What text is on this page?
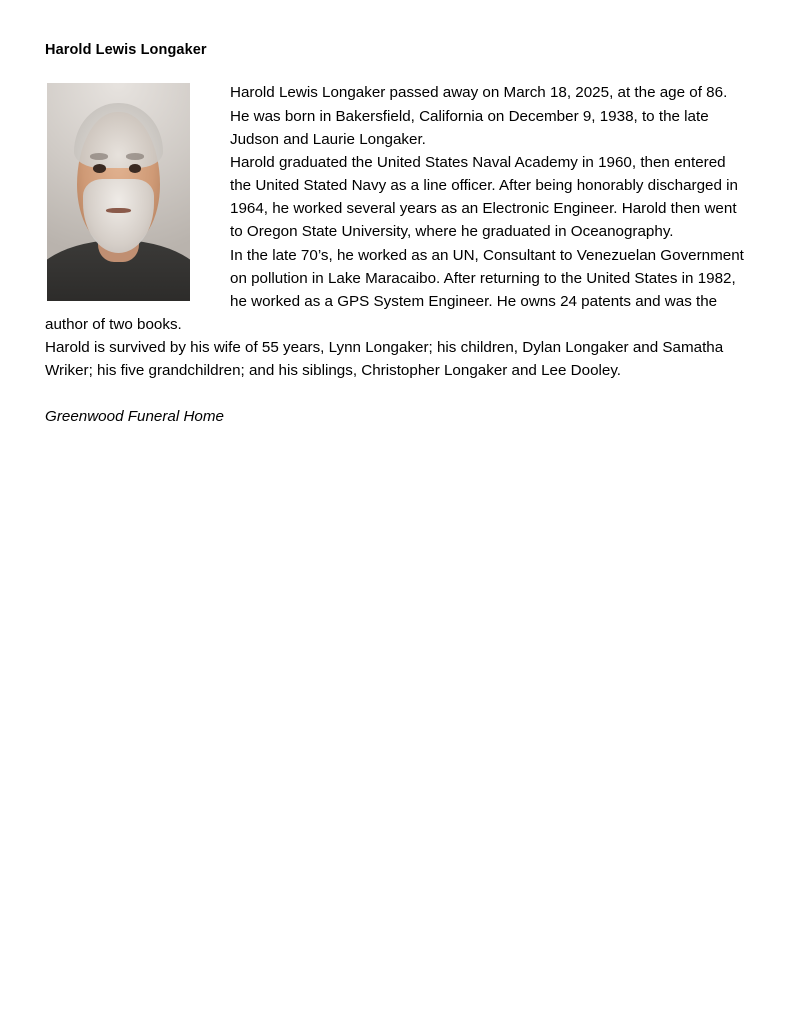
Harold Lewis Longaker

Harold Lewis Longaker passed away on March 18, 2025, at the age of 86. He was born in Bakersfield, California on December 9, 1938, to the late Judson and Laurie Longaker.

Harold graduated the United States Naval Academy in 1960, then entered the United Stated Navy as a line officer. After being honorably discharged in 1964, he worked several years as an Electronic Engineer. Harold then went to Oregon State University, where he graduated in Oceanography.

In the late 70’s, he worked as an UN, Consultant to Venezuelan Government on pollution in Lake Maracaibo. After returning to the United States in 1982, he worked as a GPS System Engineer. He owns 24 patents and was the author of two books.

Harold is survived by his wife of 55 years, Lynn Longaker; his children, Dylan Longaker and Samatha Wriker; his five grandchildren; and his siblings, Christopher Longaker and Lee Dooley.

Greenwood Funeral Home
